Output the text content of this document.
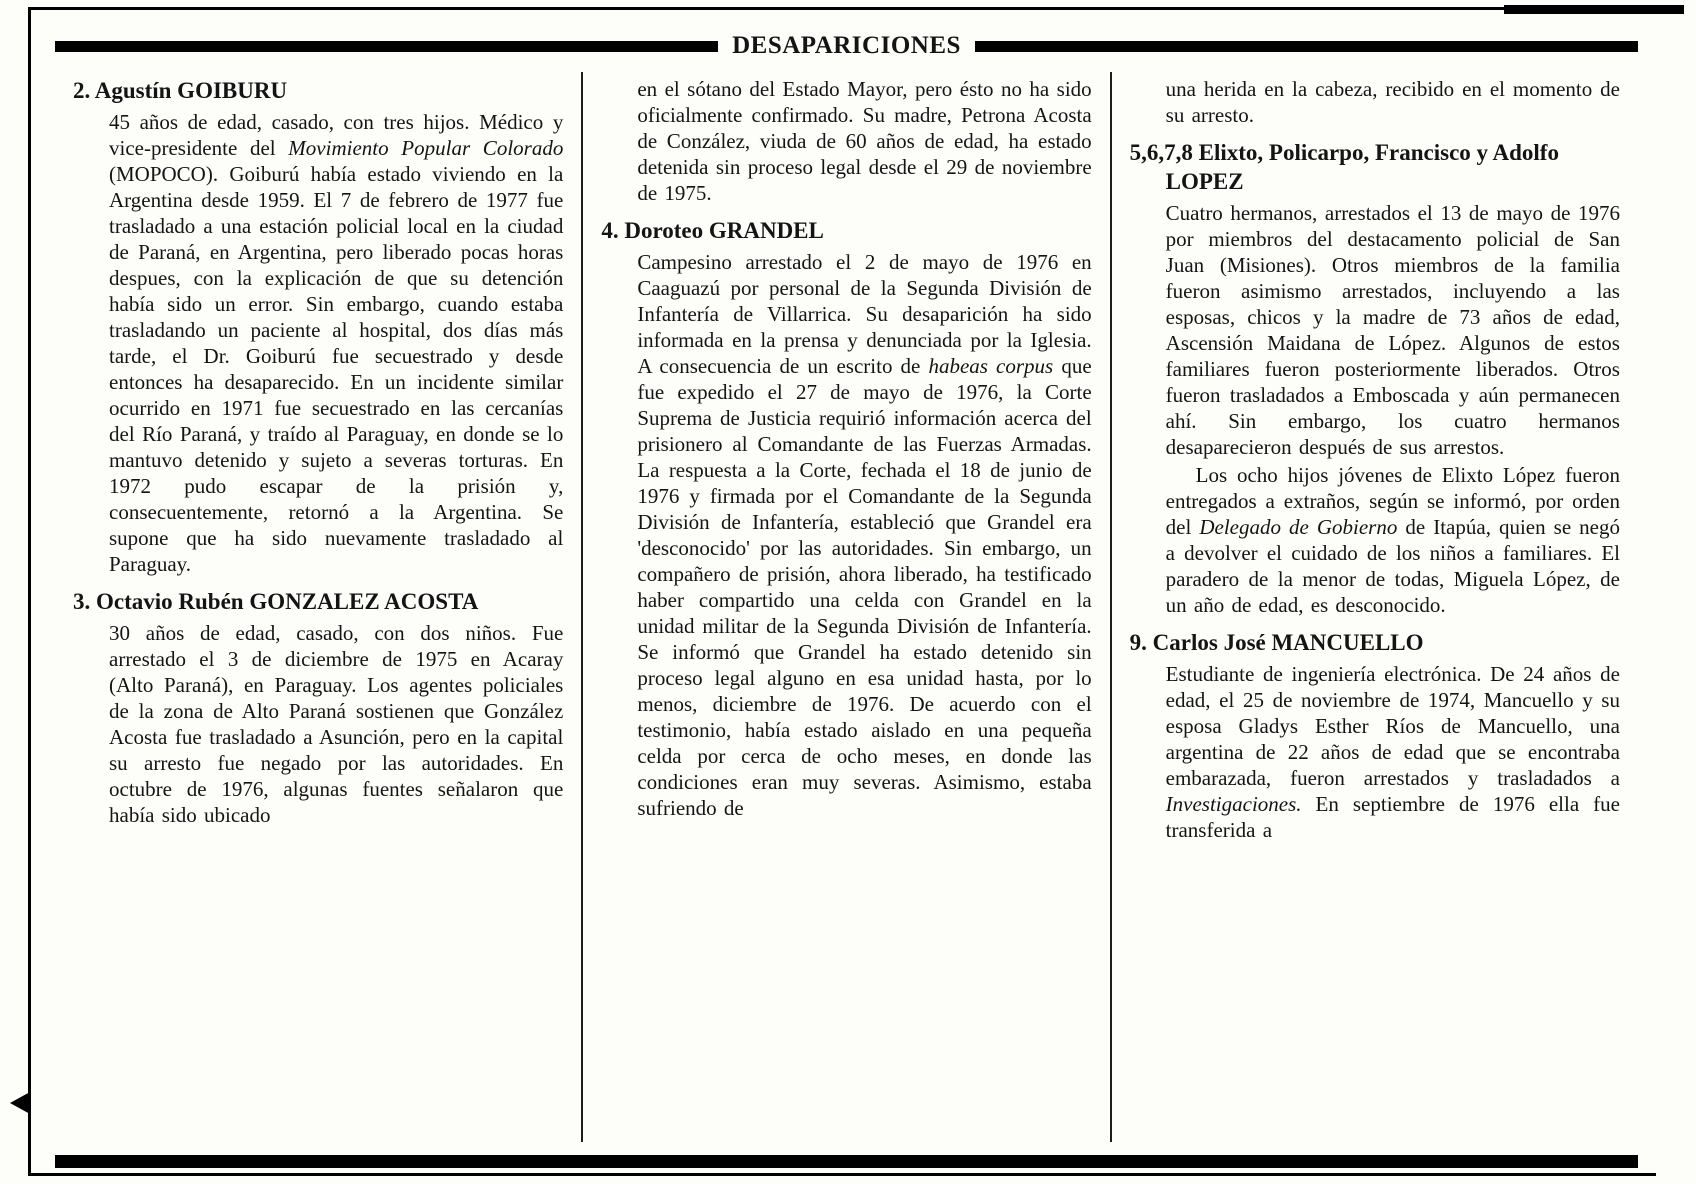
DESAPARICIONES
2. Agustín GOIBURU

45 años de edad, casado, con tres hijos. Médico y vice-presidente del Movimiento Popular Colorado (MOPOCO). Goiburú había estado viviendo en la Argentina desde 1959. El 7 de febrero de 1977 fue trasladado a una estación policial local en la ciudad de Paraná, en Argentina, pero liberado pocas horas despues, con la explicación de que su detención había sido un error. Sin embargo, cuando estaba trasladando un paciente al hospital, dos días más tarde, el Dr. Goiburú fue secuestrado y desde entonces ha desaparecido. En un incidente similar ocurrido en 1971 fue secuestrado en las cercanías del Río Paraná, y traído al Paraguay, en donde se lo mantuvo detenido y sujeto a severas torturas. En 1972 pudo escapar de la prisión y, consecuentemente, retornó a la Argentina. Se supone que ha sido nuevamente trasladado al Paraguay.

3. Octavio Rubén GONZALEZ ACOSTA

30 años de edad, casado, con dos niños. Fue arrestado el 3 de diciembre de 1975 en Acaray (Alto Paraná), en Paraguay. Los agentes policiales de la zona de Alto Paraná sostienen que González Acosta fue trasladado a Asunción, pero en la capital su arresto fue negado por las autoridades. En octubre de 1976, algunas fuentes señalaron que había sido ubicado

en el sótano del Estado Mayor, pero ésto no ha sido oficialmente confirmado. Su madre, Petrona Acosta de Conzález, viuda de 60 años de edad, ha estado detenida sin proceso legal desde el 29 de noviembre de 1975.

4. Doroteo GRANDEL

Campesino arrestado el 2 de mayo de 1976 en Caaguazú por personal de la Segunda División de Infantería de Villarrica. Su desaparición ha sido informada en la prensa y denunciada por la Iglesia. A consecuencia de un escrito de habeas corpus que fue expedido el 27 de mayo de 1976, la Corte Suprema de Justicia requirió información acerca del prisionero al Comandante de las Fuerzas Armadas. La respuesta a la Corte, fechada el 18 de junio de 1976 y firmada por el Comandante de la Segunda División de Infantería, estableció que Grandel era 'desconocido' por las autoridades. Sin embargo, un compañero de prisión, ahora liberado, ha testificado haber compartido una celda con Grandel en la unidad militar de la Segunda División de Infantería. Se informó que Grandel ha estado detenido sin proceso legal alguno en esa unidad hasta, por lo menos, diciembre de 1976. De acuerdo con el testimonio, había estado aislado en una pequeña celda por cerca de ocho meses, en donde las condiciones eran muy severas. Asimismo, estaba sufriendo de

una herida en la cabeza, recibido en el momento de su arresto.

5,6,7,8 Elixto, Policarpo, Francisco y Adolfo LOPEZ

Cuatro hermanos, arrestados el 13 de mayo de 1976 por miembros del destacamento policial de San Juan (Misiones). Otros miembros de la familia fueron asimismo arrestados, incluyendo a las esposas, chicos y la madre de 73 años de edad, Ascensión Maidana de López. Algunos de estos familiares fueron posteriormente liberados. Otros fueron trasladados a Emboscada y aún permanecen ahí. Sin embargo, los cuatro hermanos desaparecieron después de sus arrestos.

Los ocho hijos jóvenes de Elixto López fueron entregados a extraños, según se informó, por orden del Delegado de Gobierno de Itapúa, quien se negó a devolver el cuidado de los niños a familiares. El paradero de la menor de todas, Miguela López, de un año de edad, es desconocido.

9. Carlos José MANCUELLO

Estudiante de ingeniería electrónica. De 24 años de edad, el 25 de noviembre de 1974, Mancuello y su esposa Gladys Esther Ríos de Mancuello, una argentina de 22 años de edad que se encontraba embarazada, fueron arrestados y trasladados a Investigaciones. En septiembre de 1976 ella fue transferida a
